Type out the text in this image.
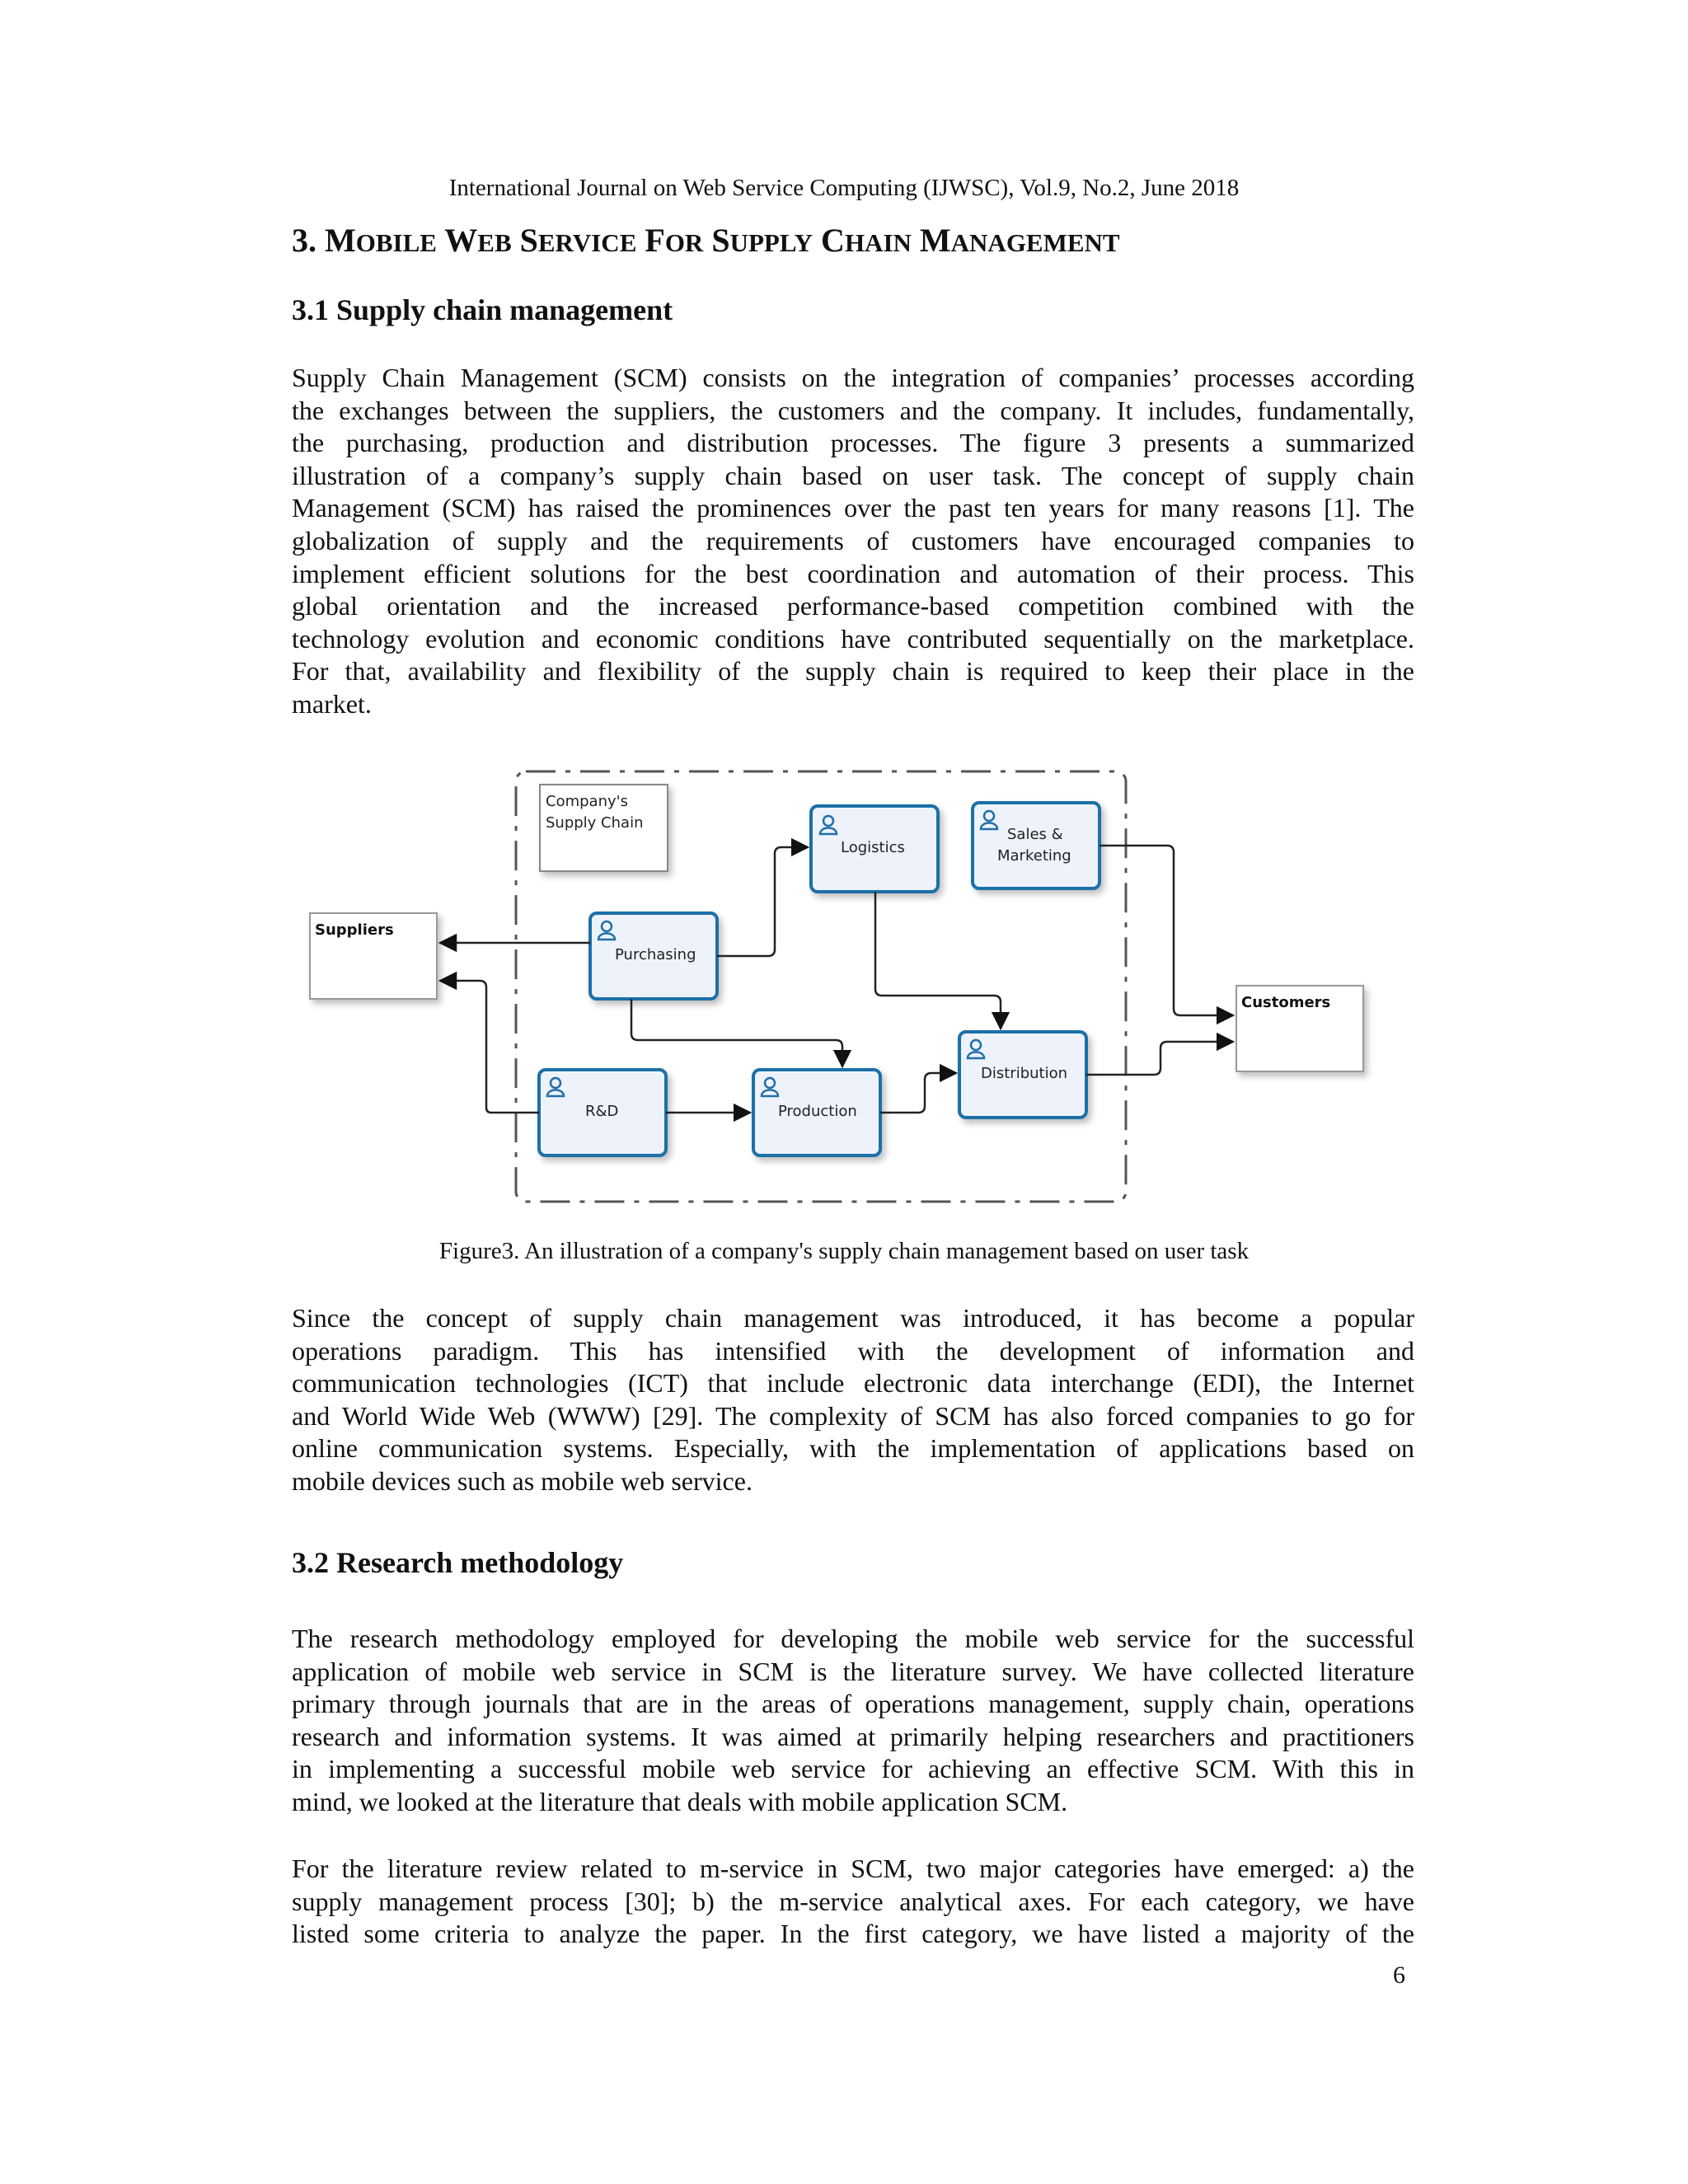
International Journal on Web Service Computing (IJWSC), Vol.9, No.2, June 2018
3. MOBILE WEB SERVICE FOR SUPPLY CHAIN MANAGEMENT
3.1 Supply chain management
Supply Chain Management (SCM) consists on the integration of companies’ processes according
the exchanges between the suppliers, the customers and the company. It includes, fundamentally,
the purchasing, production and distribution processes. The figure 3 presents a summarized
illustration of a company’s supply chain based on user task. The concept of supply chain
Management (SCM) has raised the prominences over the past ten years for many reasons [1]. The
globalization of supply and the requirements of customers have encouraged companies to
implement efficient solutions for the best coordination and automation of their process. This
global orientation and the increased performance-based competition combined with the
technology evolution and economic conditions have contributed sequentially on the marketplace.
For that, availability and flexibility of the supply chain is required to keep their place in the
market.
Company's
Supply Chain
Suppliers
Customers
Logistics
Sales &
Marketing
Purchasing
Distribution
R&D	Production
Figure3. An illustration of a company's supply chain management based on user task
Since the concept of supply chain management was introduced, it has become a popular
operations paradigm. This has intensified with the development of information and
communication technologies (ICT) that include electronic data interchange (EDI), the Internet
and World Wide Web (WWW) [29]. The complexity of SCM has also forced companies to go for
online communication systems. Especially, with the implementation of applications based on
mobile devices such as mobile web service.
3.2 Research methodology
The research methodology employed for developing the mobile web service for the successful
application of mobile web service in SCM is the literature survey. We have collected literature
primary through journals that are in the areas of operations management, supply chain, operations
research and information systems. It was aimed at primarily helping researchers and practitioners
in implementing a successful mobile web service for achieving an effective SCM. With this in
mind, we looked at the literature that deals with mobile application SCM.
For the literature review related to m-service in SCM, two major categories have emerged: a) the
supply management process [30]; b) the m-service analytical axes. For each category, we have
listed some criteria to analyze the paper. In the first category, we have listed a majority of the
6
